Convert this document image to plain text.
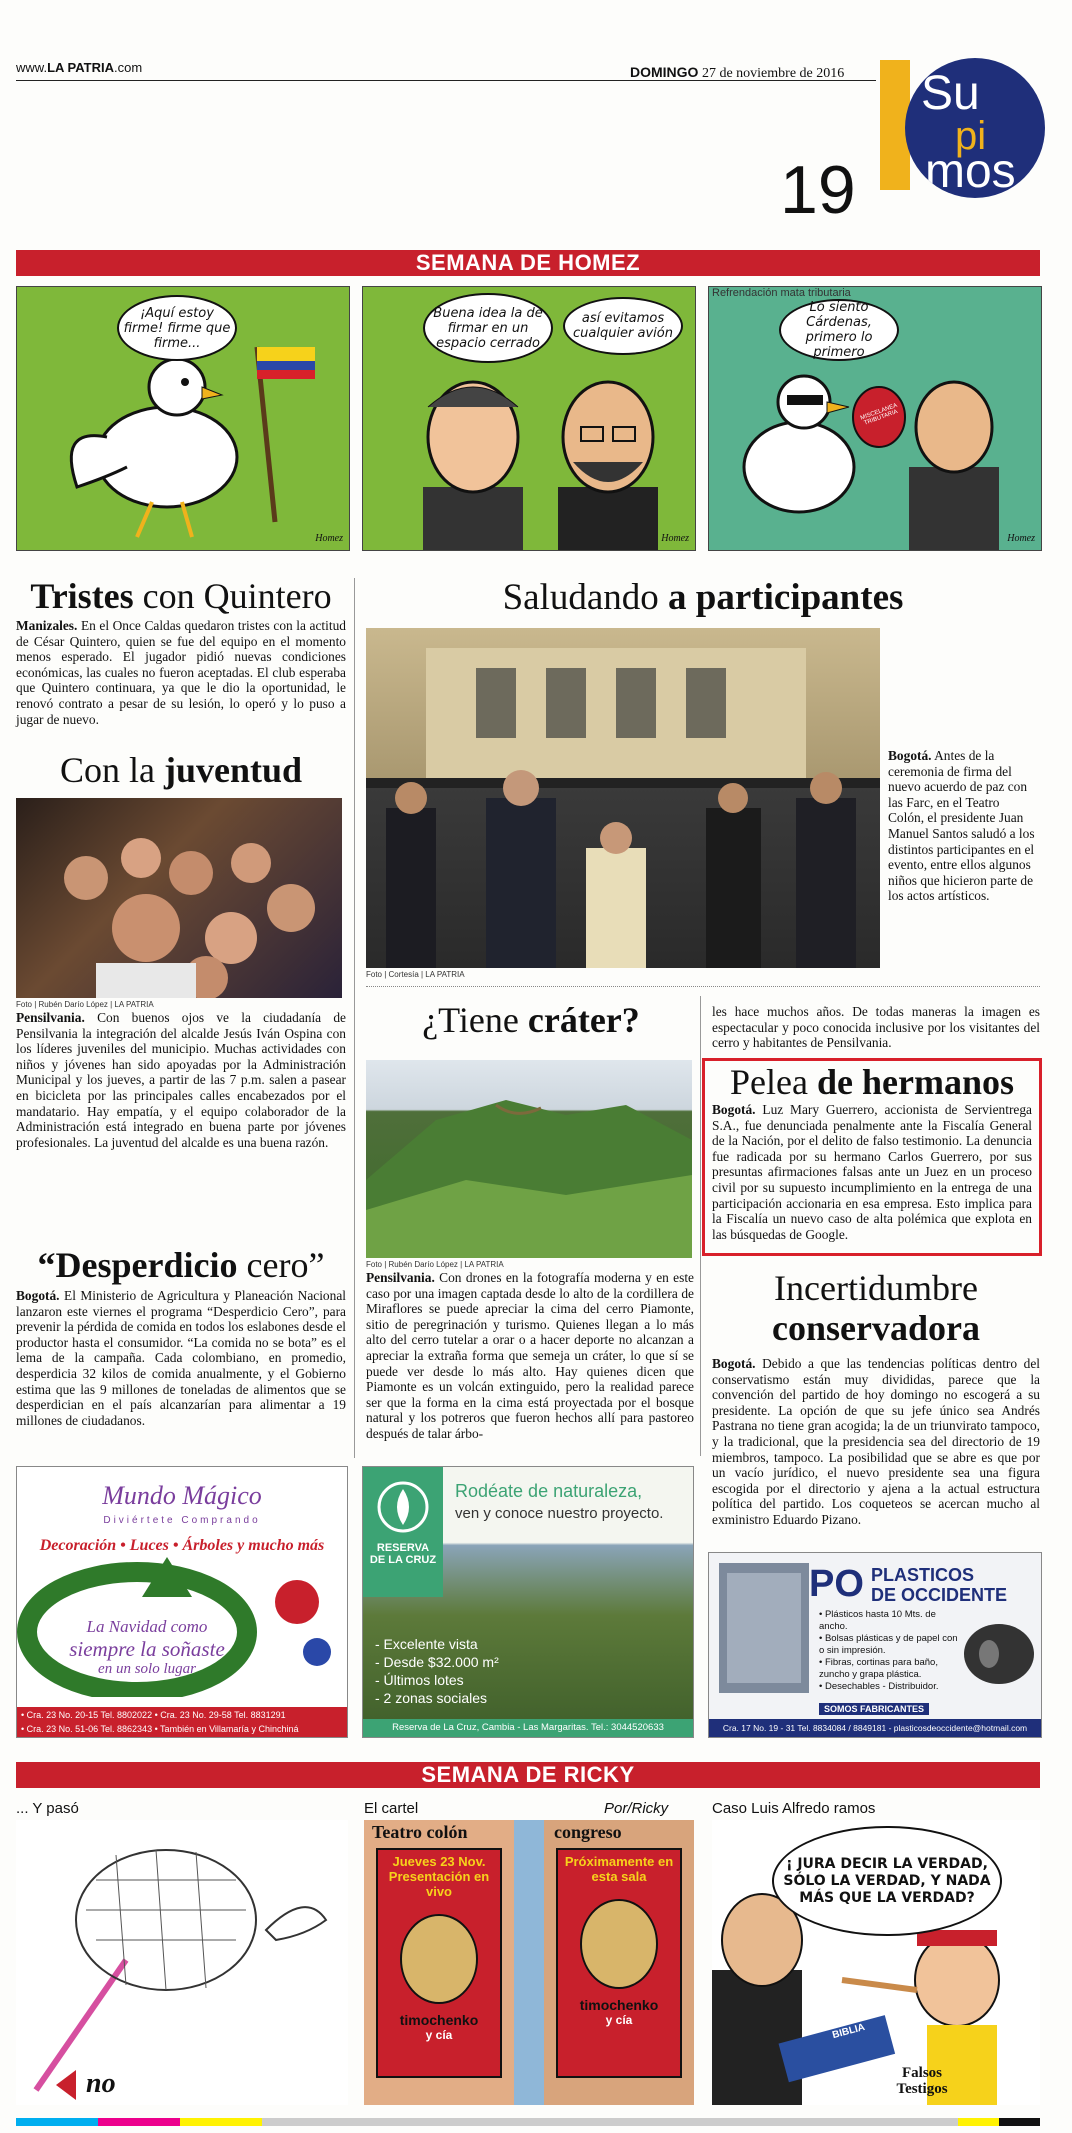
www.LA PATRIA.com	DOMINGO 27 de noviembre de 2016
19
Su
pi
mos
SEMANA DE HOMEZ
¡Aquí estoy firme! firme que firme...
Homez
Buena idea la de firmar en un espacio cerrado
así evitamos cualquier avión
Homez
Refrendación mata tributaria
Lo siento Cárdenas, primero lo primero
MISCELANEA TRIBUTARIA
Homez
Tristes con Quintero
Manizales. En el Once Caldas quedaron tristes con la actitud de César Quintero, quien se fue del equipo en el momento menos esperado. El jugador pidió nuevas condiciones económicas, las cuales no fueron aceptadas. El club esperaba que Quintero continuara, ya que le dio la oportunidad, le renovó contrato a pesar de su lesión, lo operó y lo puso a jugar de nuevo.
Con la juventud
Foto | Rubén Darío López | LA PATRIA
Pensilvania. Con buenos ojos ve la ciudadanía de Pensilvania la integración del alcalde Jesús Iván Ospina con los líderes juveniles del municipio. Muchas actividades con niños y jóvenes han sido apoyadas por la Administración Municipal y los jueves, a partir de las 7 p.m. salen a pasear en bicicleta por las principales calles encabezados por el mandatario. Hay empatía, y el equipo colaborador de la Administración está integrado en buena parte por jóvenes profesionales. La juventud del alcalde es una buena razón.
“Desperdicio cero”
Bogotá. El Ministerio de Agricultura y Planeación Nacional lanzaron este viernes el programa “Desperdicio Cero”, para prevenir la pérdida de comida en todos los eslabones desde el productor hasta el consumidor. “La comida no se bota” es el lema de la campaña. Cada colombiano, en promedio, desperdicia 32 kilos de comida anualmente, y el Gobierno estima que las 9 millones de toneladas de alimentos que se desperdician en el país alcanzarían para alimentar a 19 millones de ciudadanos.
Saludando a participantes
Foto | Cortesía | LA PATRIA
Bogotá. Antes de la ceremonia de firma del nuevo acuerdo de paz con las Farc, en el Teatro Colón, el presidente Juan Manuel Santos saludó a los distintos participantes en el evento, entre ellos algunos niños que hicieron parte de los actos artísticos.
¿Tiene cráter?
Foto | Rubén Darío López | LA PATRIA
Pensilvania. Con drones en la fotografía moderna y en este caso por una imagen captada desde lo alto de la cordillera de Miraflores se puede apreciar la cima del cerro Piamonte, sitio de peregrinación y turismo. Quienes llegan a lo más alto del cerro tutelar a orar o a hacer deporte no alcanzan a apreciar la extraña forma que semeja un cráter, lo que sí se puede ver desde lo más alto. Hay quienes dicen que Piamonte es un volcán extinguido, pero la realidad parece ser que la forma en la cima está proyectada por el bosque natural y los potreros que fueron hechos allí para pastoreo después de talar árbo-
les hace muchos años. De todas maneras la imagen es espectacular y poco conocida inclusive por los visitantes del cerro y habitantes de Pensilvania.
Pelea de hermanos
Bogotá. Luz Mary Guerrero, accionista de Servientrega S.A., fue denunciada penalmente ante la Fiscalía General de la Nación, por el delito de falso testimonio. La denuncia fue radicada por su hermano Carlos Guerrero, por sus presuntas afirmaciones falsas ante un Juez en un proceso civil por su supuesto incumplimiento en la entrega de una participación accionaria en esa empresa. Esto implica para la Fiscalía un nuevo caso de alta polémica que explota en las búsquedas de Google.
Incertidumbre
conservadora
Bogotá. Debido a que las tendencias políticas dentro del conservatismo están muy divididas, parece que la convención del partido de hoy domingo no escogerá a su presidente. La opción de que su jefe único sea Andrés Pastrana no tiene gran acogida; la de un triunvirato tampoco, y la tradicional, que la presidencia sea del directorio de 19 miembros, tampoco. La posibilidad que se abre es que por un vacío jurídico, el nuevo presidente sea una figura escogida por el directorio y ajena a la actual estructura política del partido. Los coqueteos se acercan mucho al exministro Eduardo Pizano.
Mundo Mágico
Diviértete Comprando
Decoración • Luces • Árboles y mucho más
La Navidad como
siempre la soñaste
en un solo lugar
• Cra. 23 No. 20-15 Tel. 8802022 • Cra. 23 No. 29-58 Tel. 8831291
• Cra. 23 No. 51-06 Tel. 8862343 • También en Villamaría y Chinchiná
RESERVA
DE LA CRUZ
Rodéate de naturaleza,
ven y conoce nuestro proyecto.
- Excelente vista
- Desde $32.000 m²
- Últimos lotes
- 2 zonas sociales
Reserva de La Cruz, Cambia - Las Margaritas. Tel.: 3044520633
PO PLASTICOS
DE OCCIDENTE
• Plásticos hasta 10 Mts. de ancho.
• Bolsas plásticas y de papel con o sin impresión.
• Fibras, cortinas para baño, zuncho y grapa plástica.
• Desechables - Distribuidor.
SOMOS FABRICANTES
Cra. 17 No. 19 - 31 Tel. 8834084 / 8849181 - plasticosdeoccidente@hotmail.com
SEMANA DE RICKY
... Y pasó
no
El cartel	Por/Ricky
Teatro colón	congreso
Jueves 23 Nov. Presentación en vivo
timochenko
y cía
Próximamente en esta sala
timochenko
y cía
Caso Luis Alfredo ramos
¡ JURA DECIR LA VERDAD, SÓLO LA VERDAD, Y NADA MÁS QUE LA VERDAD?
BIBLIA
Falsos Testigos
